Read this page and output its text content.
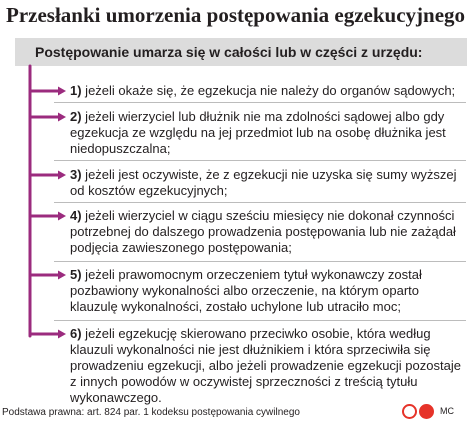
Przesłanki umorzenia postępowania egzekucyjnego
Postępowanie umarza się w całości lub w części z urzędu:
1) jeżeli okaże się, że egzekucja nie należy do organów sądowych;
2) jeżeli wierzyciel lub dłużnik nie ma zdolności sądowej albo gdy egzekucja ze względu na jej przedmiot lub na osobę dłużnika jest niedopuszczalna;
3) jeżeli jest oczywiste, że z egzekucji nie uzyska się sumy wyższej od kosztów egzekucyjnych;
4) jeżeli wierzyciel w ciągu sześciu miesięcy nie dokonał czynności potrzebnej do dalszego prowadzenia postępowania lub nie zażądał podjęcia zawieszonego postępowania;
5) jeżeli prawomocnym orzeczeniem tytuł wykonawczy został pozbawiony wykonalności albo orzeczenie, na którym oparto klauzulę wykonalności, zostało uchylone lub utraciło moc;
6) jeżeli egzekucję skierowano przeciwko osobie, która według klauzuli wykonalności nie jest dłużnikiem i która sprzeciwiła się prowadzeniu egzekucji, albo jeżeli prowadzenie egzekucji pozostaje z innych powodów w oczywistej sprzeczności z treścią tytułu wykonawczego.
Podstawa prawna: art. 824 par. 1 kodeksu postępowania cywilnego	MC
